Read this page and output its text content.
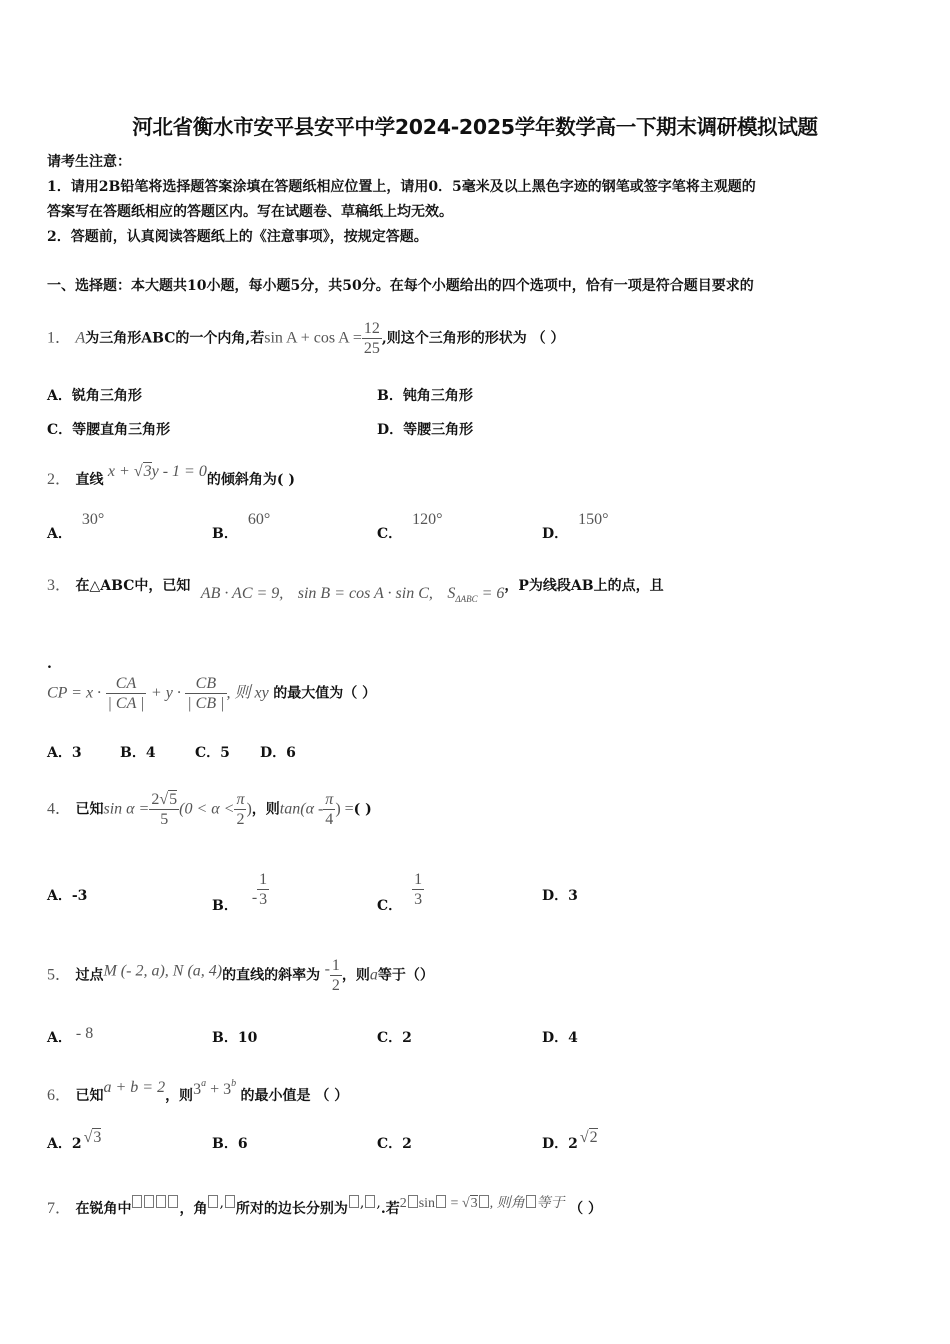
河北省衡水市安平县安平中学2024-2025学年数学高一下期末调研模拟试题
请考生注意：
1．请用2B铅笔将选择题答案涂填在答题纸相应位置上，请用0．5毫米及以上黑色字迹的钢笔或签字笔将主观题的
答案写在答题纸相应的答题区内。写在试题卷、草稿纸上均无效。
2．答题前，认真阅读答题纸上的《注意事项》，按规定答题。
一、选择题：本大题共10小题，每小题5分，共50分。在每个小题给出的四个选项中，恰有一项是符合题目要求的
1． A为三角形ABC的一个内角,若$\sin A + \cos A = \frac{12}{25}$ ,则这个三角形的形状为 （ ）
A．锐角三角形	B．钝角三角形
C．等腰直角三角形	D．等腰三角形
2． 直线 x + √3y - 1 = 0的倾斜角为( )
A．30°
B．60°
C．120°
D．150°
3． 在△ABC中，已知 AB · AC = 9, sin B = cos A · sin C, $S_{\Delta ABC} = 6$，P为线段AB上的点，且
.
CP = $x \cdot \frac{CA}{| CA |} + y \cdot \frac{CB}{| CB |}$ , 则 xy 的最大值为（ ）
A．3	B．4	C．5 D．6
4． 已知$\sin \alpha = \frac{2√5}{5} (0 < \alpha < \frac{\pi}{2}$ )，则$\tan(\alpha - \frac{\pi}{4}$ ) =( )
A．-3
B． - $\frac{1}{3}$	C． $\frac{1}{3}$	D．3
5． 过点M (- 2, a), N (a, 4)的直线的斜率为 - $\frac{1}{2}$ ，则a等于（）
A． - 8	B．10	C．2	D．4
6． 已知a + b = 2，则$3^a + 3^b$ 的最小值是 （ ）
A．2 √3	B．6	C．2	D．2 √2
7． 在锐角中	，角 , 所对的边长分别为 , ,.若2 sin = √3 , 则角 等于 （ ）
